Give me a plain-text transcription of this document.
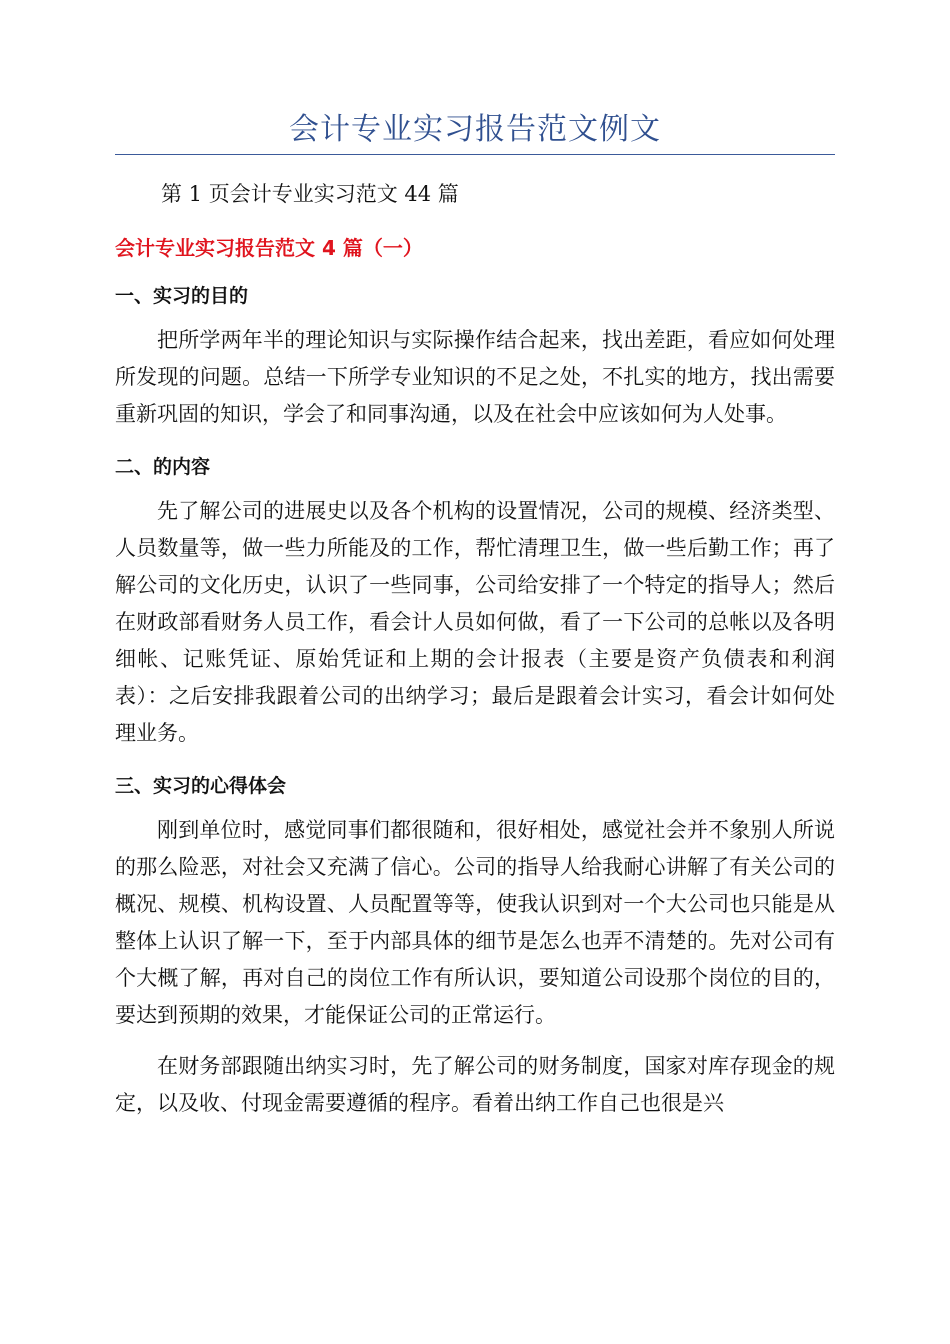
会计专业实习报告范文例文

第 1 页会计专业实习范文 44 篇

会计专业实习报告范文 4 篇（一）
一、实习的目的

把所学两年半的理论知识与实际操作结合起来，找出差距，看应如何处理所发现的问题。总结一下所学专业知识的不足之处，不扎实的地方，找出需要重新巩固的知识，学会了和同事沟通，以及在社会中应该如何为人处事。

二、的内容

先了解公司的进展史以及各个机构的设置情况，公司的规模、经济类型、人员数量等，做一些力所能及的工作，帮忙清理卫生，做一些后勤工作；再了解公司的文化历史，认识了一些同事，公司给安排了一个特定的指导人；然后在财政部看财务人员工作，看会计人员如何做，看了一下公司的总帐以及各明细帐、记账凭证、原始凭证和上期的会计报表（主要是资产负债表和利润表）：之后安排我跟着公司的出纳学习；最后是跟着会计实习，看会计如何处理业务。

三、实习的心得体会

刚到单位时，感觉同事们都很随和，很好相处，感觉社会并不象别人所说的那么险恶，对社会又充满了信心。公司的指导人给我耐心讲解了有关公司的概况、规模、机构设置、人员配置等等，使我认识到对一个大公司也只能是从整体上认识了解一下，至于内部具体的细节是怎么也弄不清楚的。先对公司有个大概了解，再对自己的岗位工作有所认识，要知道公司设那个岗位的目的，要达到预期的效果，才能保证公司的正常运行。

在财务部跟随出纳实习时，先了解公司的财务制度，国家对库存现金的规定，以及收、付现金需要遵循的程序。看着出纳工作自己也很是兴
